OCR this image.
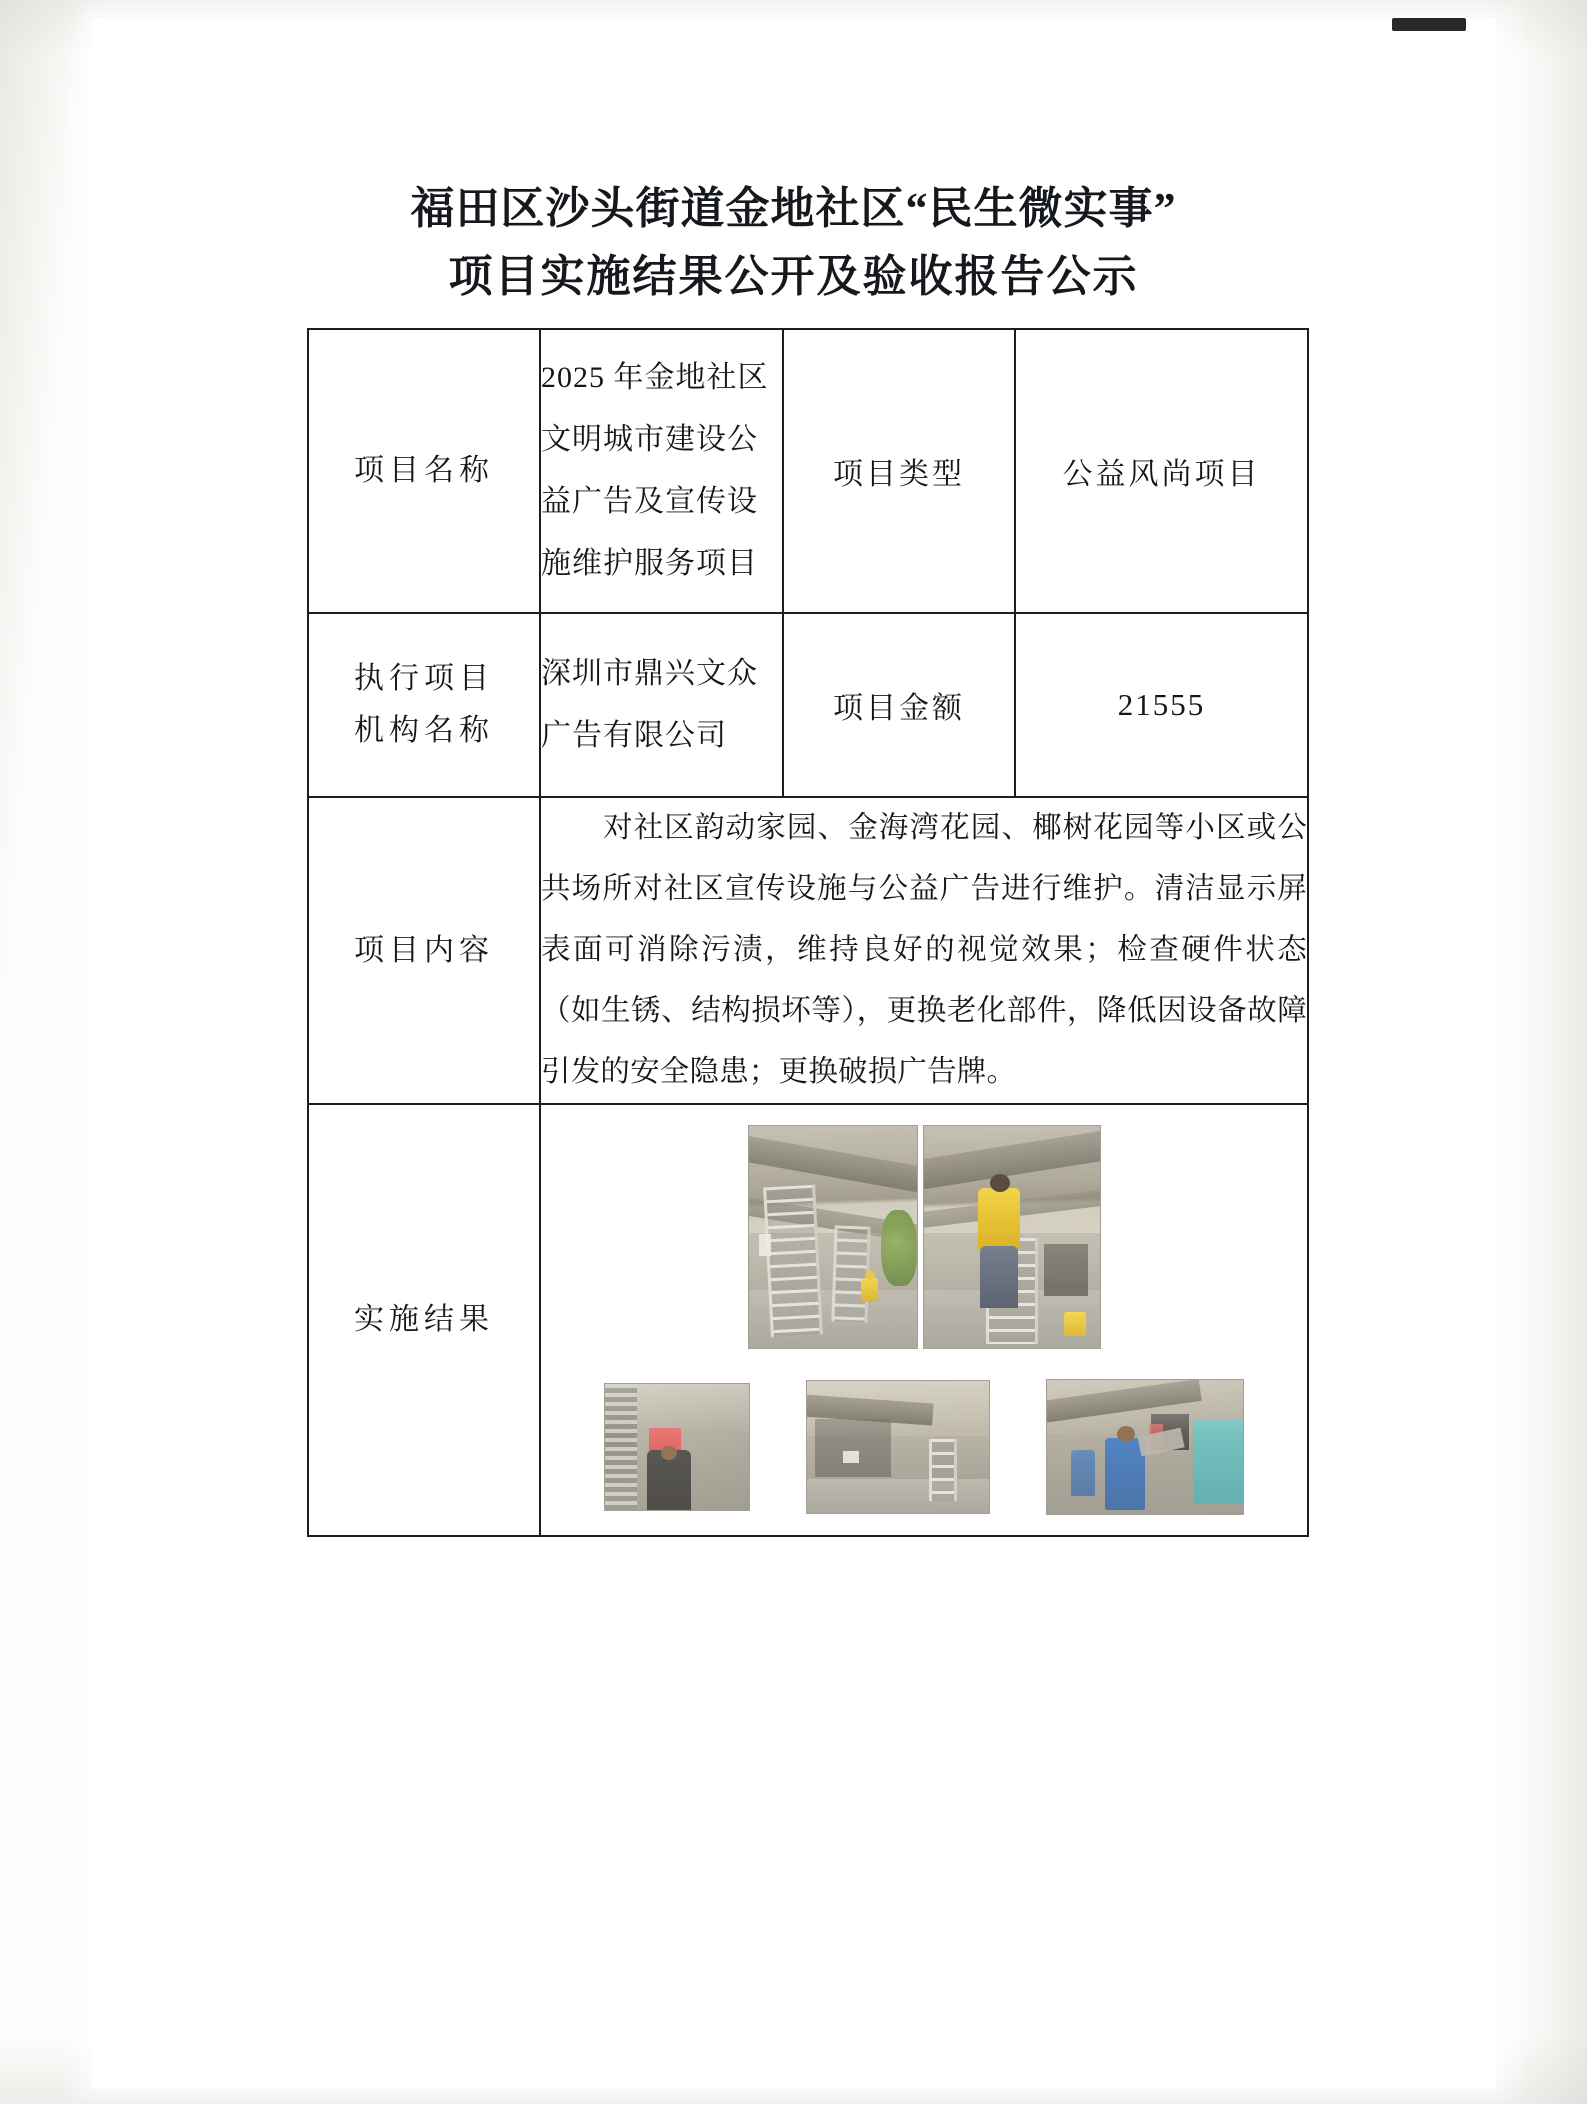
福田区沙头街道金地社区“民生微实事”
项目实施结果公开及验收报告公示
项目名称	2025 年金地社区文明城市建设公益广告及宣传设施维护服务项目	项目类型	公益风尚项目

执行项目
机构名称	深圳市鼎兴文众广告有限公司	项目金额	21555
项目内容	对社区韵动家园、金海湾花园、椰树花园等小区或公共场所对社区宣传设施与公益广告进行维护。清洁显示屏表面可消除污渍，维持良好的视觉效果；检查硬件状态（如生锈、结构损坏等），更换老化部件，降低因设备故障引发的安全隐患；更换破损广告牌。		
实施结果			
